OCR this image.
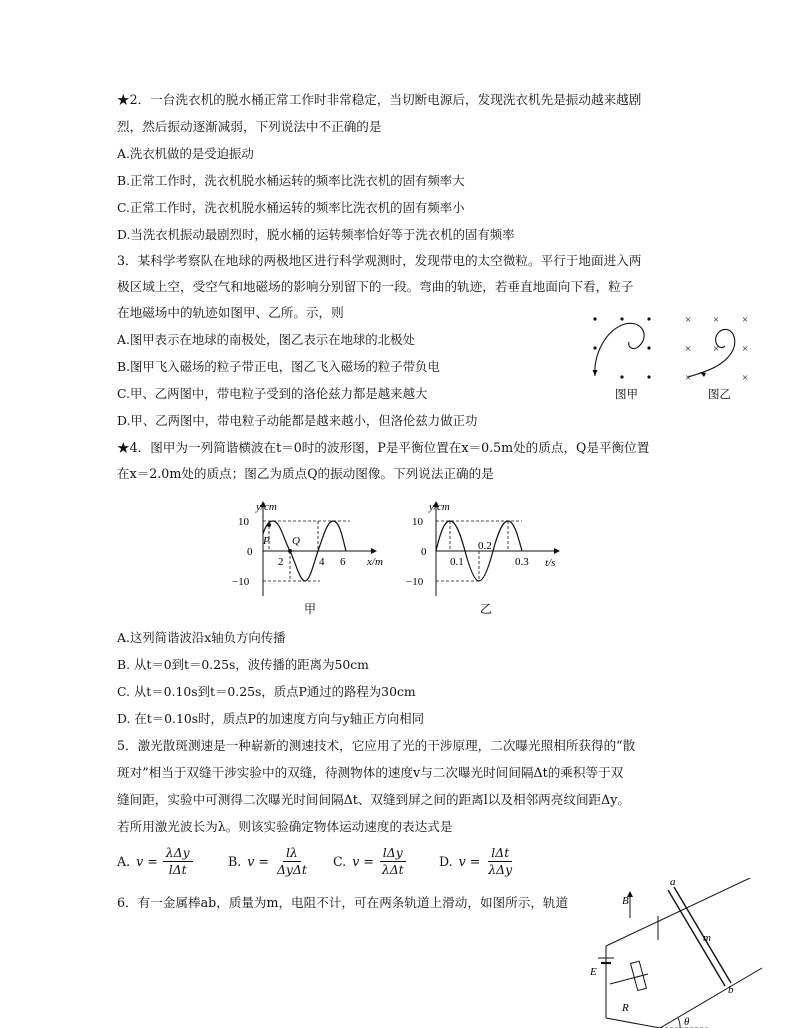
★2．一台洗衣机的脱水桶正常工作时非常稳定，当切断电源后，发现洗衣机先是振动越来越剧
烈，然后振动逐渐减弱，下列说法中不正确的是
A.洗衣机做的是受迫振动
B.正常工作时，洗衣机脱水桶运转的频率比洗衣机的固有频率大
C.正常工作时，洗衣机脱水桶运转的频率比洗衣机的固有频率小
D.当洗衣机振动最剧烈时，脱水桶的运转频率恰好等于洗衣机的固有频率
3．某科学考察队在地球的两极地区进行科学观测时，发现带电的太空微粒。平行于地面进入两
极区域上空，受空气和地磁场的影响分别留下的一段。弯曲的轨迹，若垂直地面向下看，粒子
在地磁场中的轨迹如图甲、乙所。示，则
A.图甲表示在地球的南极处，图乙表示在地球的北极处
B.图甲飞入磁场的粒子带正电，图乙飞入磁场的粒子带负电
C.甲、乙两图中，带电粒子受到的洛伦兹力都是越来越大
D.甲、乙两图中，带电粒子动能都是越来越小，但洛伦兹力做正功
× × ×
× × ×
×	×
图甲	图乙
★4．图甲为一列简谐横波在t＝0时的波形图，P是平衡位置在x＝0.5m处的质点，Q是平衡位置
在x＝2.0m处的质点；图乙为质点Q的振动图像。下列说法正确的是
y/cm
10
0
−10
P Q
2	4 6 x/m
甲
y/cm
10
0
−10
0.1
0.2
0.3 t/s
乙
A.这列简谐波沿x轴负方向传播
B. 从t＝0到t＝0.25s，波传播的距离为50cm
C. 从t＝0.10s到t＝0.25s，质点P通过的路程为30cm
D. 在t＝0.10s时，质点P的加速度方向与y轴正方向相同
5．激光散斑测速是一种崭新的测速技术，它应用了光的干涉原理，二次曝光照相所获得的“散
斑对”相当于双缝干涉实验中的双缝，待测物体的速度v与二次曝光时间间隔Δt的乘积等于双
缝间距，实验中可测得二次曝光时间间隔Δt、双缝到屏之间的距离l以及相邻两亮纹间距Δy。
若所用激光波长为λ。则该实验确定物体运动速度的表达式是
A. $v = \frac{\text{λΔy}}{\text{lΔt}}$	B. $v = \frac{l\lambda}{\text{ΔyΔt}} C$. $v = \frac{\text{lΔy}}{\text{λΔt}}$	D. $v = \frac{\text{lΔt}}{\text{λΔy}}$
6．有一金属棒ab，质量为m，电阻不计，可在两条轨道上滑动，如图所示，轨道	B
a
m
E
R
b
θ
